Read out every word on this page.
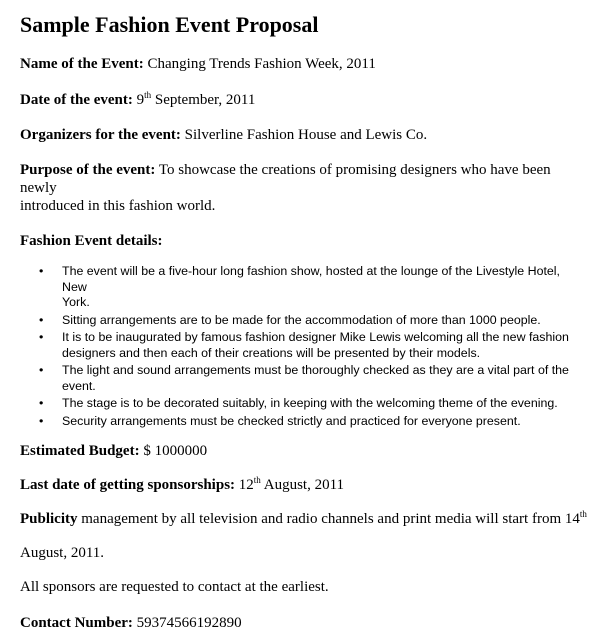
Sample Fashion Event Proposal

Name of the Event: Changing Trends Fashion Week, 2011

Date of the event: 9th September, 2011

Organizers for the event: Silverline Fashion House and Lewis Co.

Purpose of the event: To showcase the creations of promising designers who have been newly
introduced in this fashion world.

Fashion Event details:

• The event will be a five-hour long fashion show, hosted at the lounge of the Livestyle Hotel, New
York.
• Sitting arrangements are to be made for the accommodation of more than 1000 people.
• It is to be inaugurated by famous fashion designer Mike Lewis welcoming all the new fashion
designers and then each of their creations will be presented by their models.
• The light and sound arrangements must be thoroughly checked as they are a vital part of the
event.
• The stage is to be decorated suitably, in keeping with the welcoming theme of the evening.
• Security arrangements must be checked strictly and practiced for everyone present.

Estimated Budget: $ 1000000

Last date of getting sponsorships: 12th August, 2011

Publicity management by all television and radio channels and print media will start from 14th

August, 2011.

All sponsors are requested to contact at the earliest.

Contact Number: 59374566192890
